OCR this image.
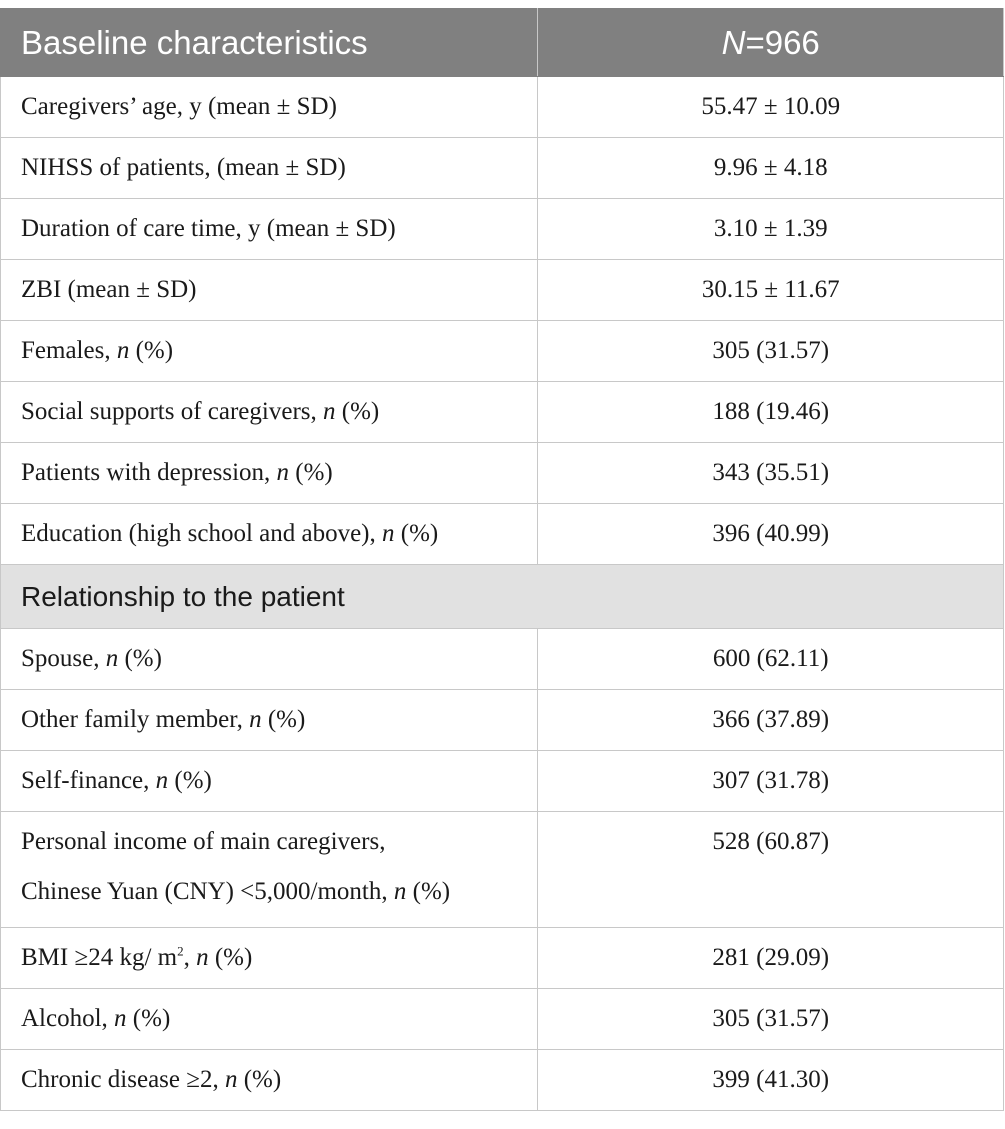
Baseline characteristics	N=966
Caregivers’ age, y (mean ± SD)	55.47 ± 10.09
NIHSS of patients, (mean ± SD)	9.96 ± 4.18
Duration of care time, y (mean ± SD)	3.10 ± 1.39
ZBI (mean ± SD)	30.15 ± 11.67
Females, n (%)	305 (31.57)
Social supports of caregivers, n (%)	188 (19.46)
Patients with depression, n (%)	343 (35.51)
Education (high school and above), n (%)	396 (40.99)
Relationship to the patient	
Spouse, n (%)	600 (62.11)
Other family member, n (%)	366 (37.89)
Self-finance, n (%)	307 (31.78)
Personal income of main caregivers,
Chinese Yuan (CNY) <5,000/month, n (%)	528 (60.87)
BMI ≥24 kg/ $m^2$, n (%)	281 (29.09)
Alcohol, n (%)	305 (31.57)
Chronic disease ≥2, n (%)	399 (41.30)
